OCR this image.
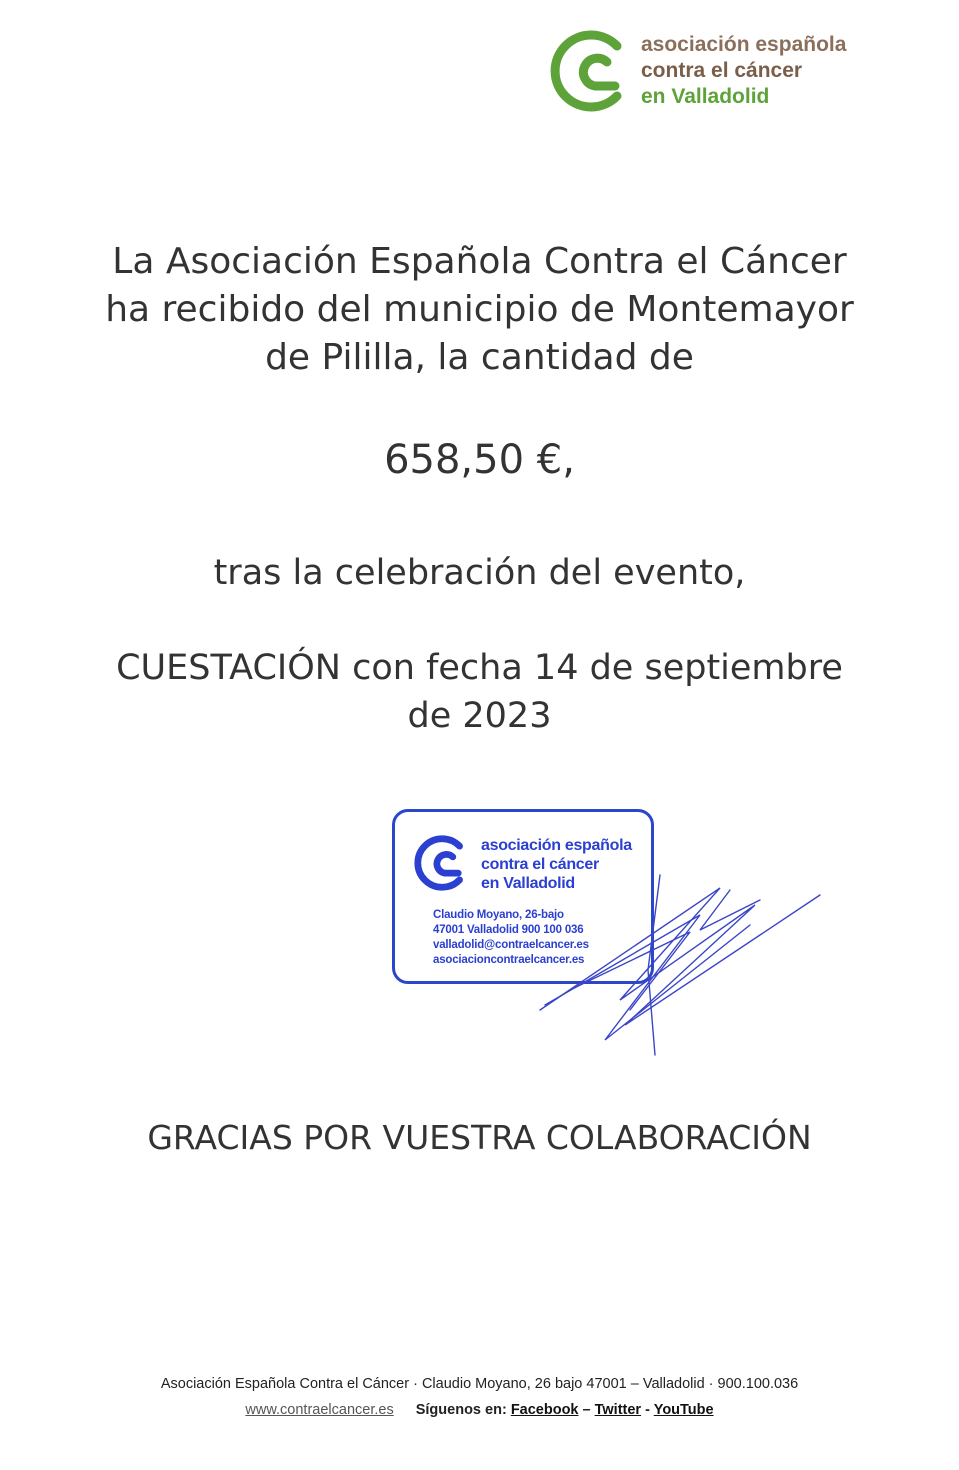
asociación española
contra el cáncer
en Valladolid
La Asociación Española Contra el Cáncer
ha recibido del municipio de Montemayor
de Pililla, la cantidad de
658,50 €,
tras la celebración del evento,
CUESTACIÓN con fecha 14 de septiembre
de 2023
asociación española
contra el cáncer
en Valladolid
Claudio Moyano, 26-bajo
47001 Valladolid 900 100 036
valladolid@contraelcancer.es
asociacioncontraelcancer.es
GRACIAS POR VUESTRA COLABORACIÓN
Asociación Española Contra el Cáncer · Claudio Moyano, 26 bajo 47001 – Valladolid · 900.100.036
www.contraelcancer.es Síguenos en: Facebook – Twitter - YouTube
